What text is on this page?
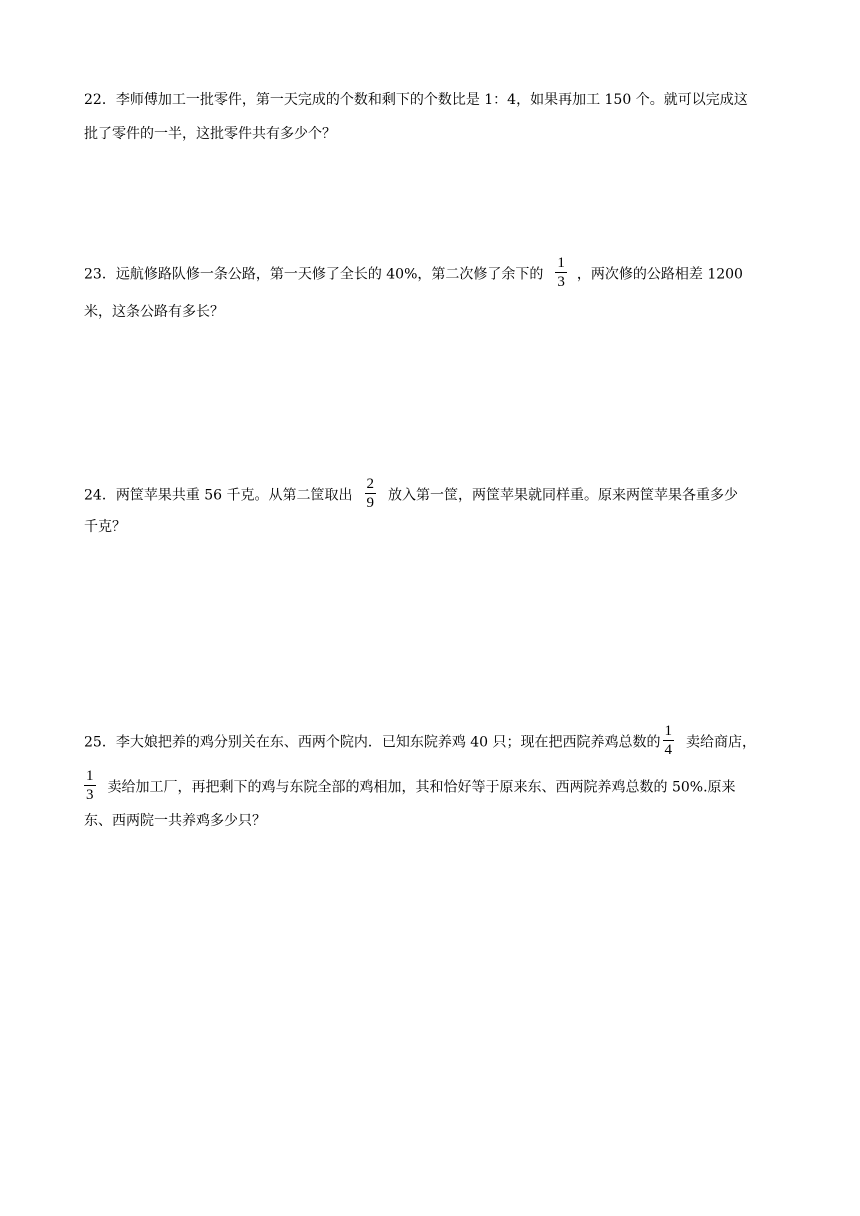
22．李师傅加工一批零件，第一天完成的个数和剩下的个数比是 1：4，如果再加工 150 个。就可以完成这
批了零件的一半，这批零件共有多少个？
23．远航修路队修一条公路，第一天修了全长的 40%，第二次修了余下的 $\frac{1}{3}$ ，两次修的公路相差 1200
米，这条公路有多长？
24．两筐苹果共重 56 千克。从第二筐取出 $\frac{2}{9}$ 放入第一筐，两筐苹果就同样重。原来两筐苹果各重多少
千克？
25．李大娘把养的鸡分别关在东、西两个院内．已知东院养鸡 40 只；现在把西院养鸡总数的 $\frac{1}{4}$ 卖给商店，
$\frac{1}{3}$ 卖给加工厂，再把剩下的鸡与东院全部的鸡相加，其和恰好等于原来东、西两院养鸡总数的 50%.原来
东、西两院一共养鸡多少只？
